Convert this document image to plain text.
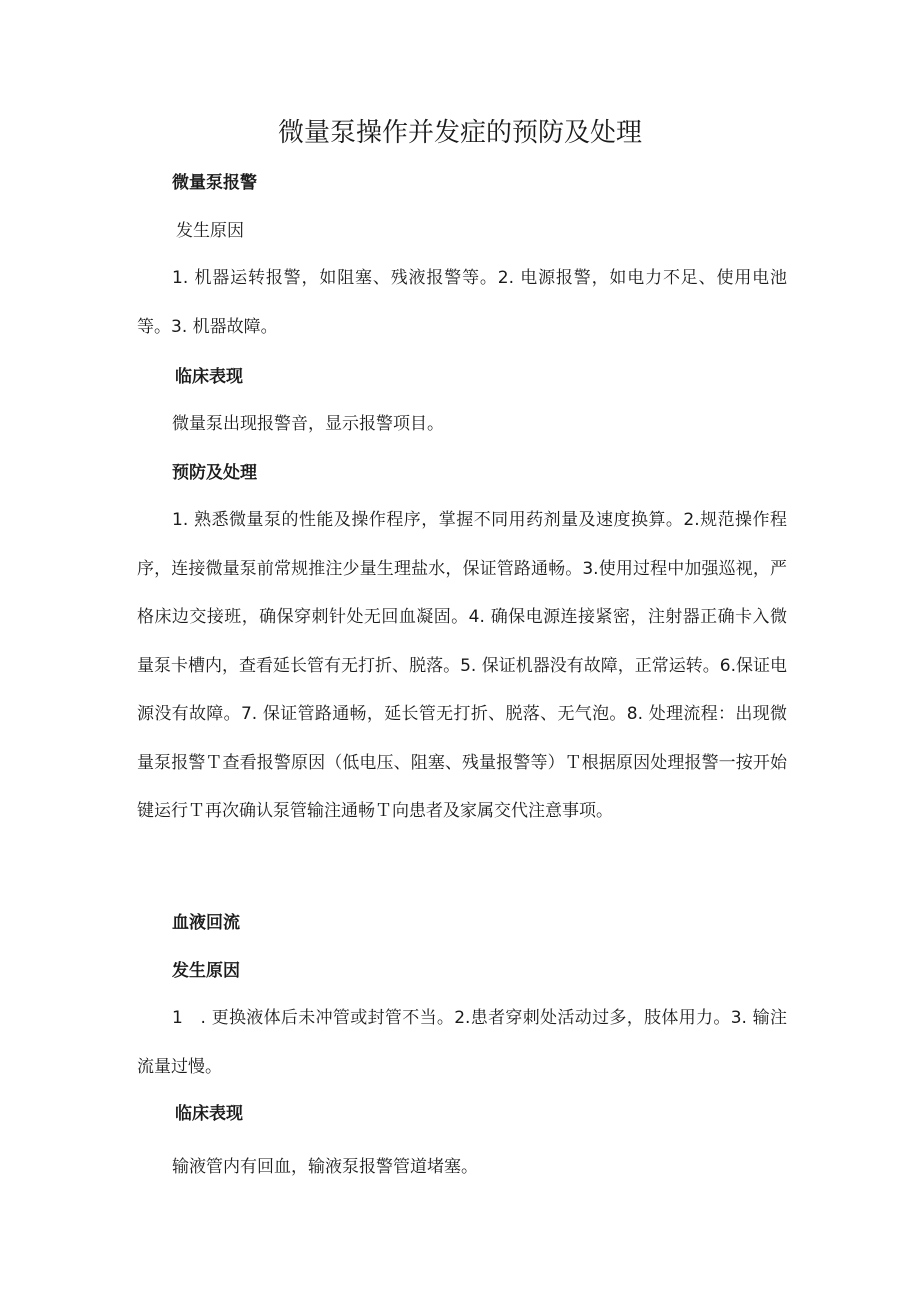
微量泵操作并发症的预防及处理
微量泵报警
发生原因
1. 机器运转报警，如阻塞、残液报警等。2. 电源报警，如电力不足、使用电池等。3. 机器故障。
临床表现
微量泵出现报警音，显示报警项目。
预防及处理
1. 熟悉微量泵的性能及操作程序，掌握不同用药剂量及速度换算。2.规范操作程序，连接微量泵前常规推注少量生理盐水，保证管路通畅。3.使用过程中加强巡视，严格床边交接班，确保穿刺针处无回血凝固。4. 确保电源连接紧密，注射器正确卡入微量泵卡槽内，查看延长管有无打折、脱落。5. 保证机器没有故障，正常运转。6.保证电源没有故障。7. 保证管路通畅，延长管无打折、脱落、无气泡。8. 处理流程：出现微量泵报警Ｔ查看报警原因（低电压、阻塞、残量报警等）Ｔ根据原因处理报警一按开始键运行Ｔ再次确认泵管输注通畅Ｔ向患者及家属交代注意事项。
血液回流
发生原因
1　. 更换液体后未冲管或封管不当。2.患者穿刺处活动过多，肢体用力。3. 输注流量过慢。
临床表现
输液管内有回血，输液泵报警管道堵塞。
